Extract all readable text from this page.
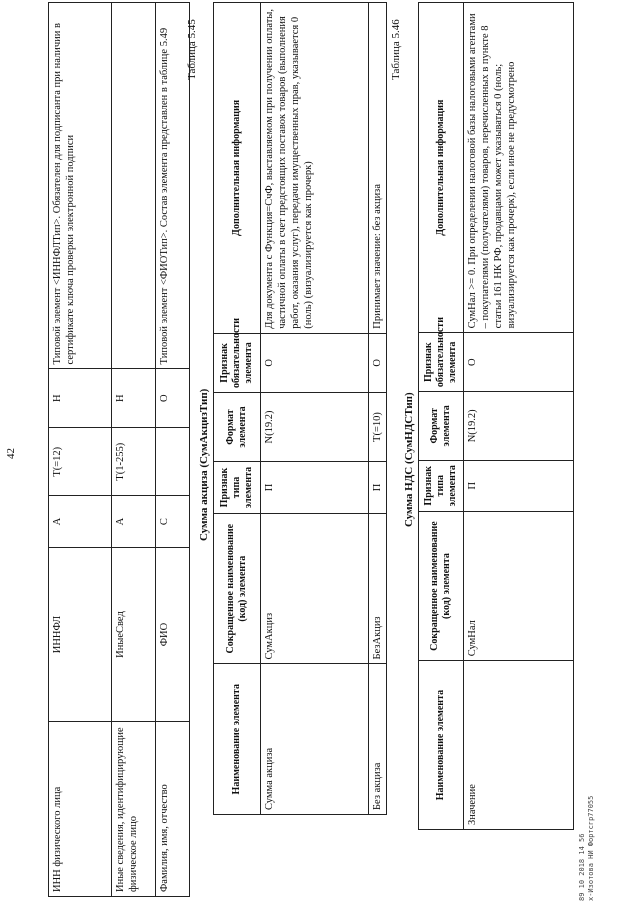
42
ИНН физического лица	ИННФЛ	А	Т(=12)	Н	Типовой элемент <ИННФЛТип>. Обязателен для подписанта при наличии в сертификате ключа проверки электронной подписи
Иные сведения, идентифицирующие физическое лицо	ИныеСвед	А	Т(1-255)	Н	
Фамилия, имя, отчество	ФИО	С		О	Типовой элемент <ФИОТип>. Состав элемента представлен в таблице 5.49 Таблица 5.45
Сумма акциза (СумАкцизТип)
Наименование элемента	Сокращенное наименование (код) элемента	Признак типа элемента	Формат элемента	Признак обязательности элемента	Дополнительная информация
Сумма акциза	СумАкциз	П	N(19.2)	О	Для документа с Функция=СчФ, выставляемом при получении оплаты, частичной оплаты в счет предстоящих поставок товаров (выполнения работ, оказания услуг), передачи имущественных прав, указывается 0 (ноль) (визуализируется как прочерк)
Без акциза	БезАкциз	П	Т(=10)	О	Принимает значение: без акциза
Таблица 5.46
Сумма НДС (СумНДСТип)
Наименование элемента	Сокращенное наименование (код) элемента	Признак типа элемента	Формат элемента	Признак обязательности элемента	Дополнительная информация
Значение	СумНал	П	N(19.2)	О	СумНал >= 0. При определении налоговой базы налоговыми агентами – покупателями (получателями) товаров, перечисленных в пункте 8 статьи 161 НК РФ, продавцами может указываться 0 (ноль; визуализируется как прочерк), если иное не предусмотрено
89 10 2018 14 56 х-Изотова НИ Фортсгр77055
